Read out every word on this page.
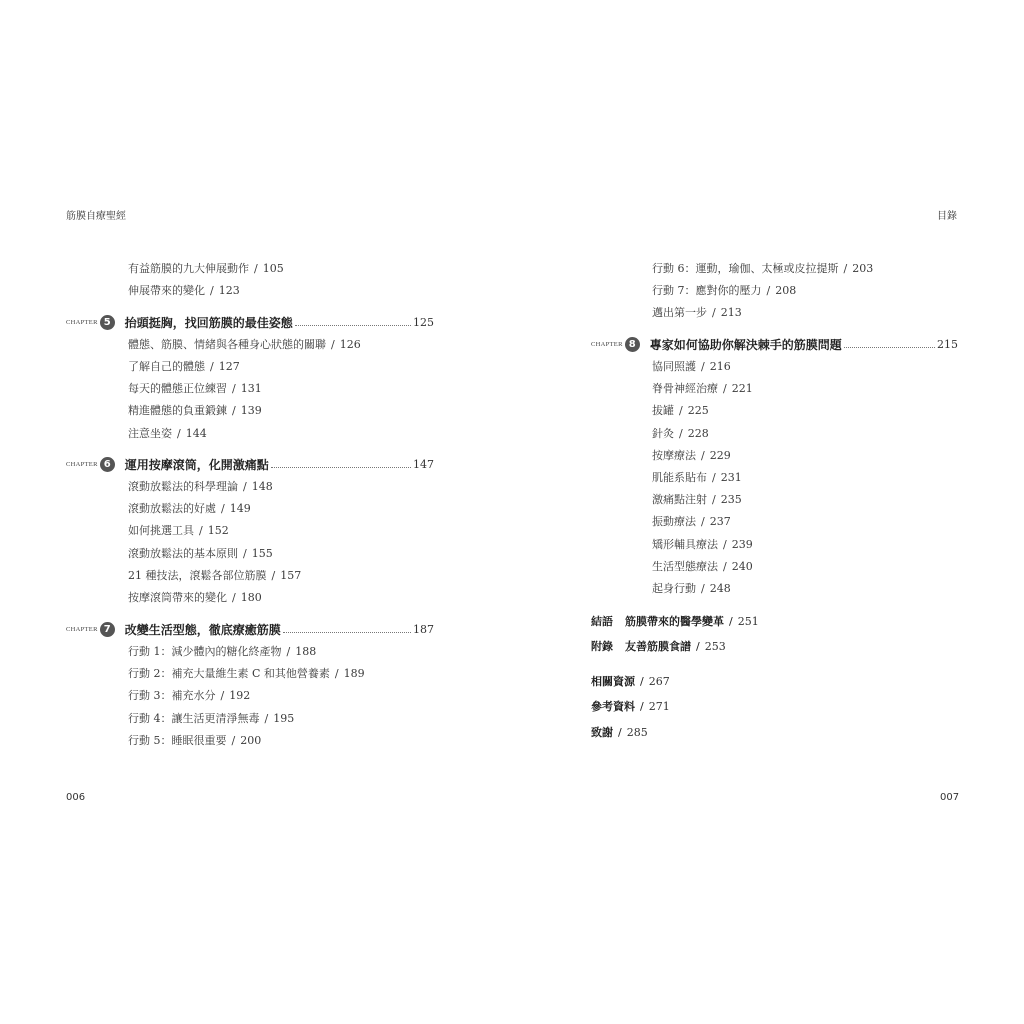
筋膜自療聖經
有益筋膜的九大伸展動作 / 105
伸展帶來的變化 / 123
CHAPTER 5	抬頭挺胸，找回筋膜的最佳姿態	125
體態、筋膜、情緒與各種身心狀態的關聯 / 126
了解自己的體態 / 127
每天的體態正位練習 / 131
精進體態的負重鍛鍊 / 139
注意坐姿 / 144
CHAPTER 6	運用按摩滾筒，化開激痛點	147
滾動放鬆法的科學理論 / 148
滾動放鬆法的好處 / 149
如何挑選工具 / 152
滾動放鬆法的基本原則 / 155
21 種技法，滾鬆各部位筋膜 / 157
按摩滾筒帶來的變化 / 180
CHAPTER 7	改變生活型態，徹底療癒筋膜	187
行動 1：減少體內的糖化終產物 / 188
行動 2：補充大量維生素 C 和其他營養素 / 189
行動 3：補充水分 / 192
行動 4：讓生活更清淨無毒 / 195
行動 5：睡眠很重要 / 200
006
目錄
行動 6：運動，瑜伽、太極或皮拉提斯 / 203
行動 7：應對你的壓力 / 208
邁出第一步 / 213
CHAPTER 8	專家如何協助你解決棘手的筋膜問題	215
協同照護 / 216
脊骨神經治療 / 221
拔罐 / 225
針灸 / 228
按摩療法 / 229
肌能系貼布 / 231
激痛點注射 / 235
振動療法 / 237
矯形輔具療法 / 239
生活型態療法 / 240
起身行動 / 248
結語 筋膜帶來的醫學變革 / 251
附錄 友善筋膜食譜 / 253
相關資源 / 267
參考資料 / 271
致謝 / 285
007
